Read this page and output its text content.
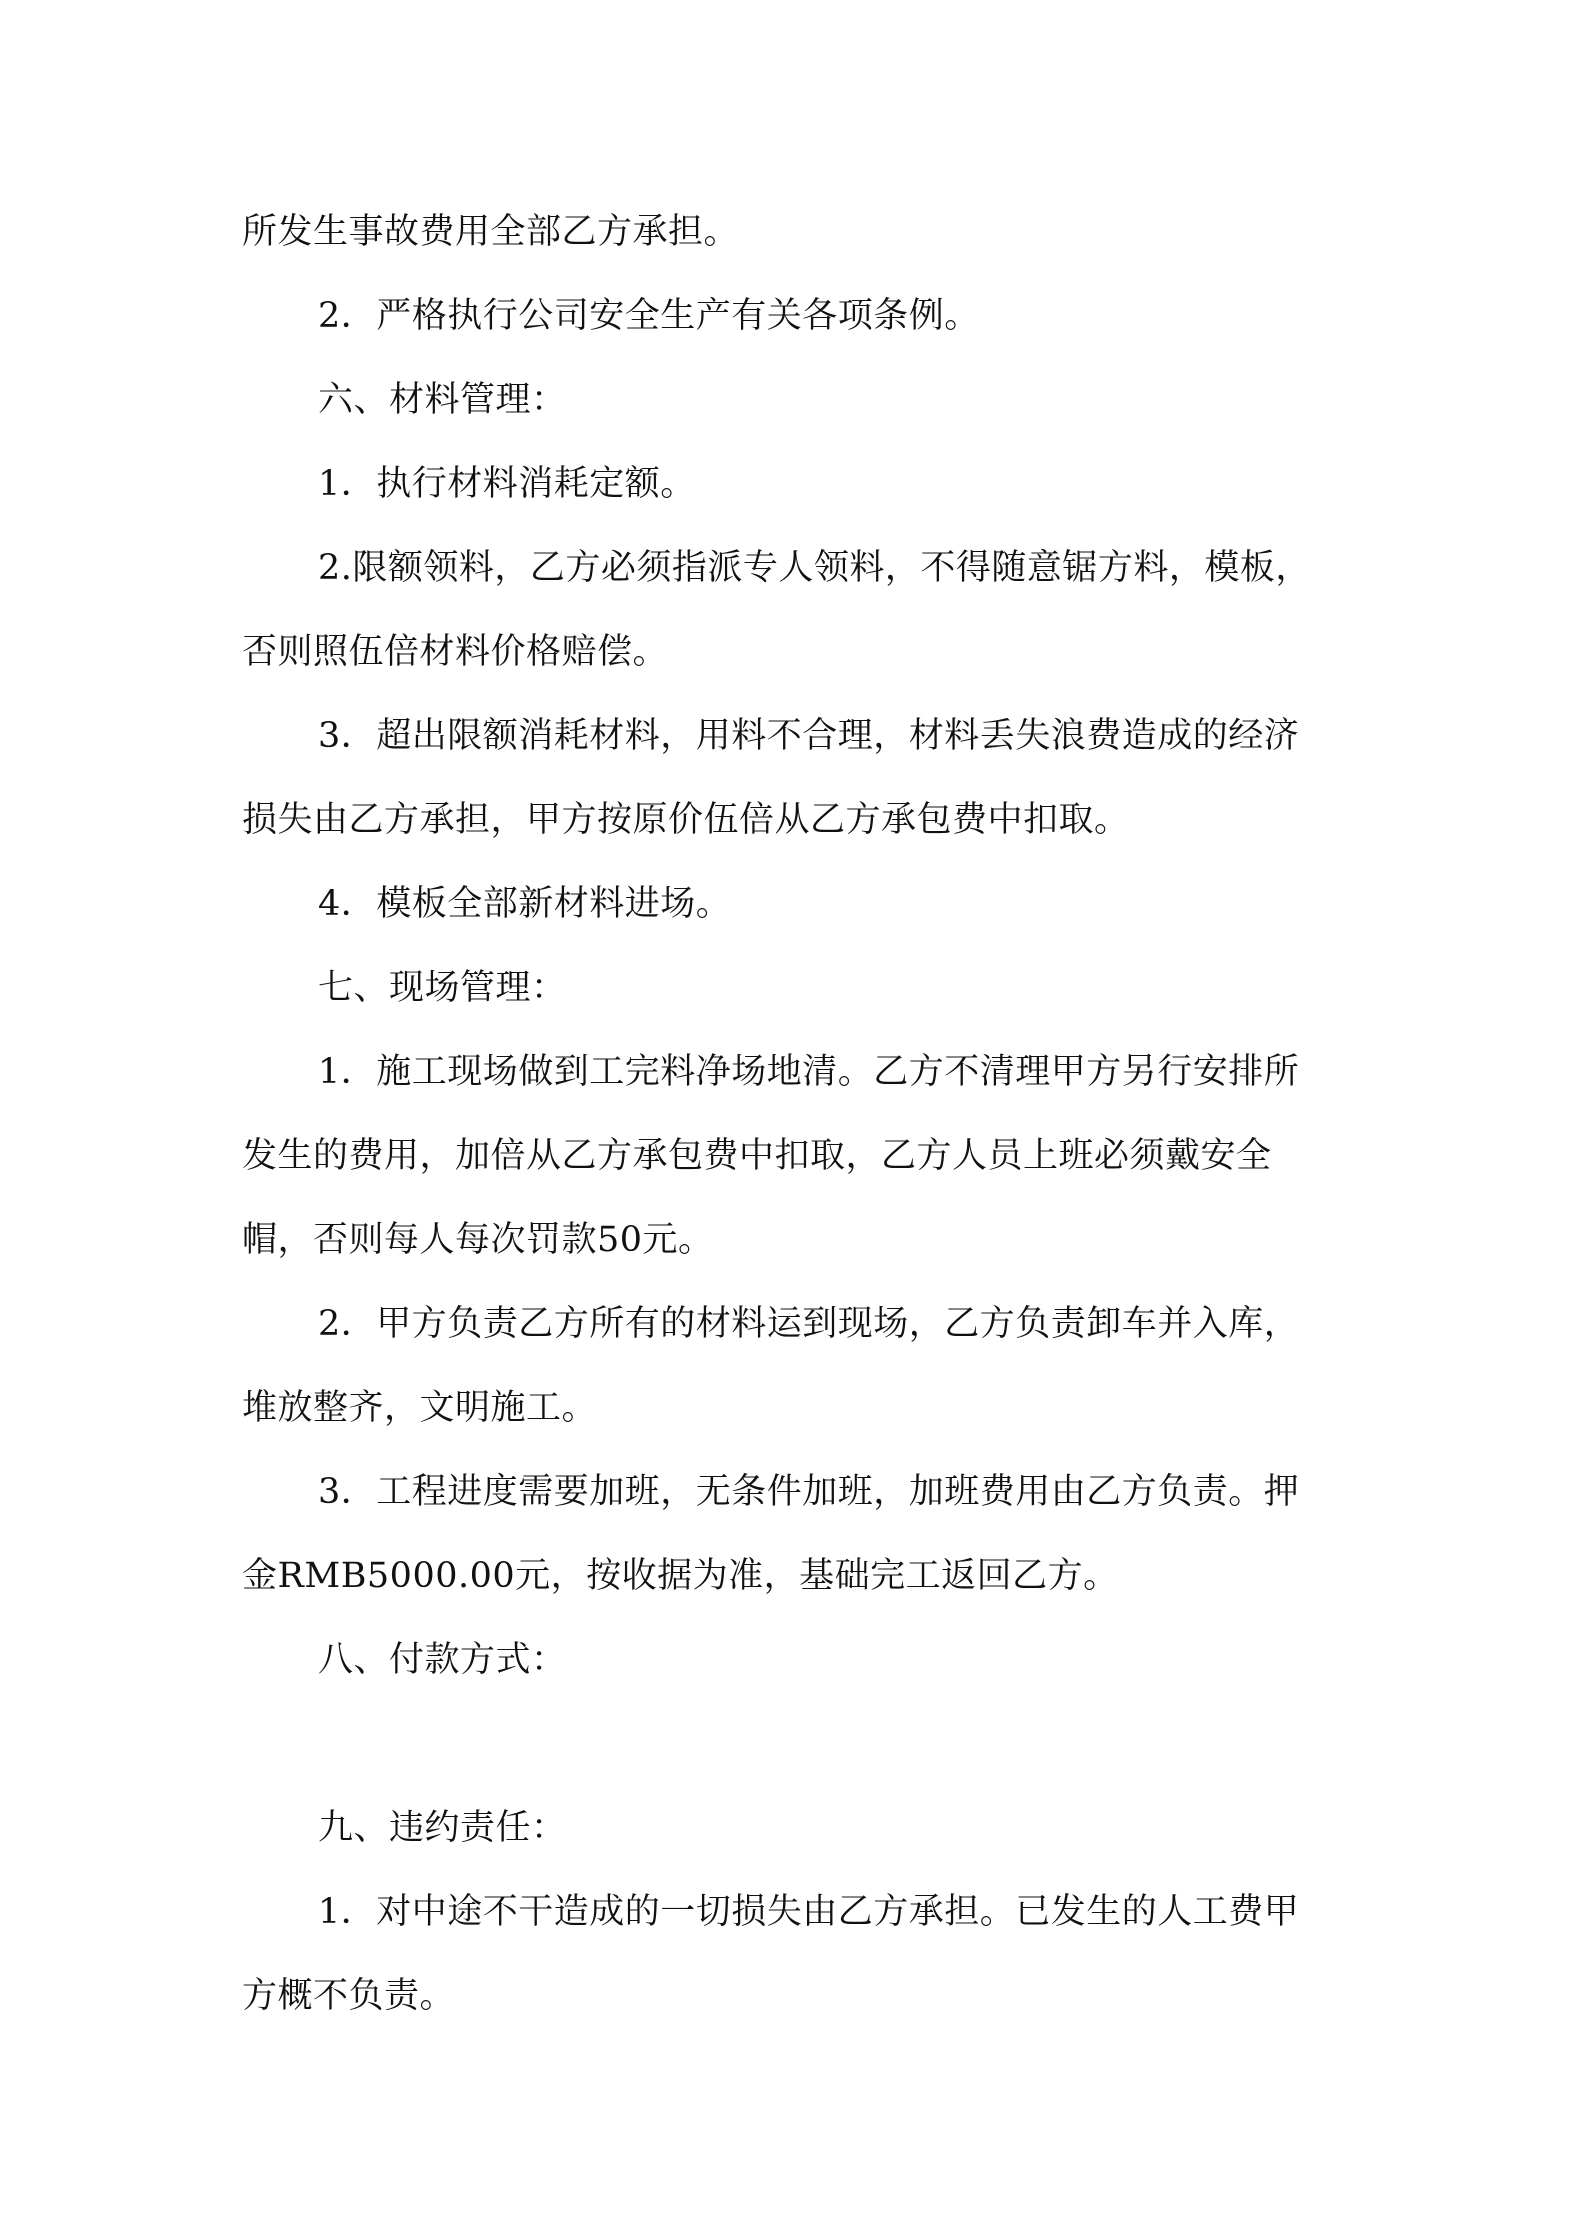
所发生事故费用全部乙方承担。
2．严格执行公司安全生产有关各项条例。
六、材料管理：
1．执行材料消耗定额。
2.限额领料，乙方必须指派专人领料，不得随意锯方料，模板，
否则照伍倍材料价格赔偿。
3．超出限额消耗材料，用料不合理，材料丢失浪费造成的经济
损失由乙方承担，甲方按原价伍倍从乙方承包费中扣取。
4．模板全部新材料进场。
七、现场管理：
1．施工现场做到工完料净场地清。乙方不清理甲方另行安排所
发生的费用，加倍从乙方承包费中扣取，乙方人员上班必须戴安全
帽，否则每人每次罚款50元。
2．甲方负责乙方所有的材料运到现场，乙方负责卸车并入库，
堆放整齐，文明施工。
3．工程进度需要加班，无条件加班，加班费用由乙方负责。押
金RMB5000.00元，按收据为准，基础完工返回乙方。
八、付款方式：
九、违约责任：
1．对中途不干造成的一切损失由乙方承担。已发生的人工费甲
方概不负责。
